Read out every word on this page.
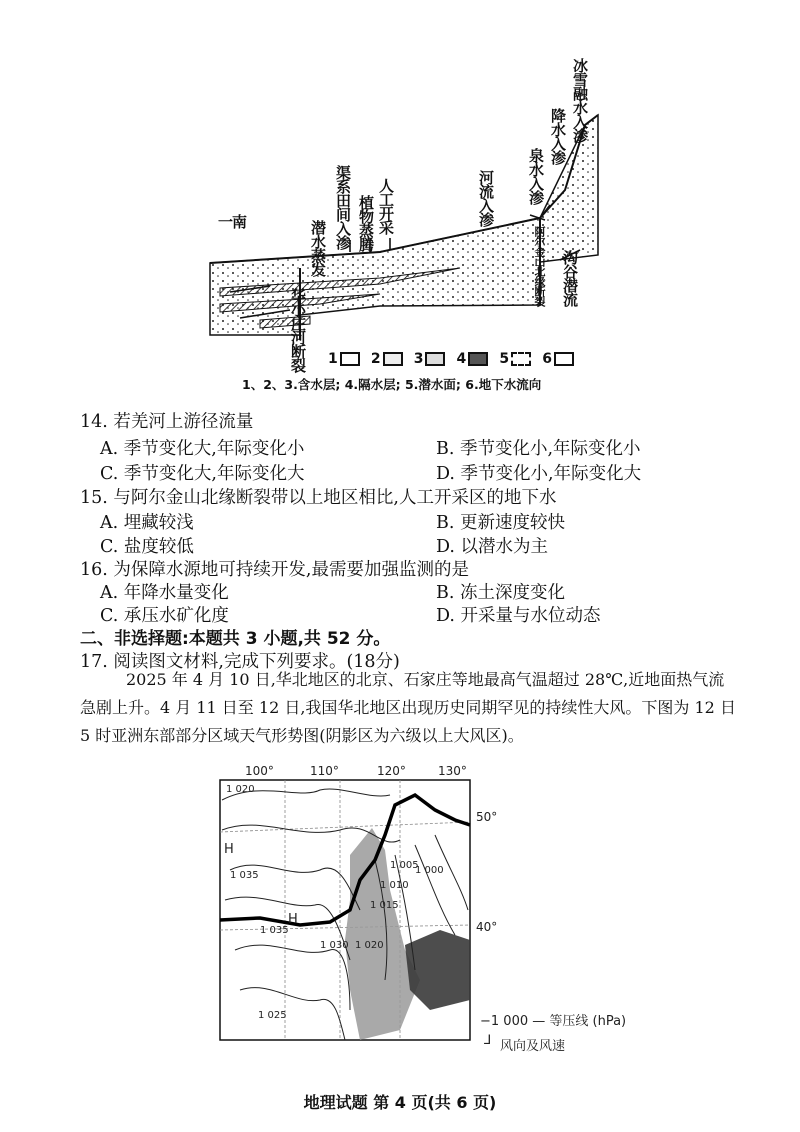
一南	潜水蒸发 渠系田间入渗 植物蒸腾 人工开采	河流入渗 泉水入渗
降水入渗 冰雪融水入渗
沟谷潜流
阿尔金山北缘断裂
华小庄河断裂 1 2 3 4 5 6
1、2、3.含水层; 4.隔水层; 5.潜水面; 6.地下水流向
14. 若羌河上游径流量
A. 季节变化大,年际变化小	B. 季节变化小,年际变化小
C. 季节变化大,年际变化大	D. 季节变化小,年际变化大
15. 与阿尔金山北缘断裂带以上地区相比,人工开采区的地下水
A. 埋藏较浅	B. 更新速度较快
C. 盐度较低	D. 以潜水为主
16. 为保障水源地可持续开发,最需要加强监测的是
A. 年降水量变化	B. 冻土深度变化
C. 承压水矿化度	D. 开采量与水位动态
二、非选择题:本题共 3 小题,共 52 分。
17. 阅读图文材料,完成下列要求。(18分)
2025 年 4 月 10 日,华北地区的北京、石家庄等地最高气温超过 28℃,近地面热气流急剧上升。4 月 11 日至 12 日,我国华北地区出现历史同期罕见的持续性大风。下图为 12 日 5 时亚洲东部部分区域天气形势图(阴影区为六级以上大风区)。
100°	110°	120°	130°
50°
40°
1 020
1 035
1 035
1 025
1 030 1 020
1 015
1 010
1 005
1 000
H
H
−1 000 — 等压线 (hPa)
⅃ 风向及风速
地理试题 第 4 页(共 6 页)
